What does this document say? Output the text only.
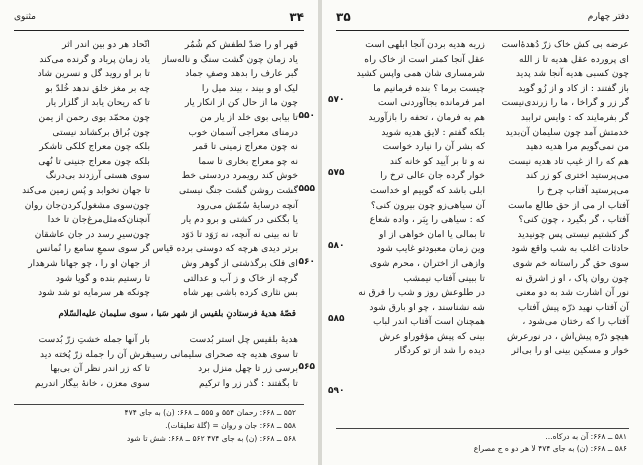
مثنوی	۳۴
قهر او را ضدّ لطفش کم شُمُر
یاد زمان چون گشت سنگ و ناله‌ساز
گبر عارف را بدهد وصفِ جماد
لیک او و بیند ، بیند میل را
چون ما از حال کن از انکار یار
تا بیابی بوی خلد از یار من
درمنای معراجی آسمان خوب
نه چون معراج زمینی تا قمر
نه چو معراج بخاری تا سما
خوش کند رویمرد دردستی خط
گشت روشن گشت جنگ نیستی
آنچه درسایهٔ سُمّش می‌رود
یا بگکنی در کشتی و برو دم یار
تا نه بینی نه آنچه، نه رَوَد تا دَوَد
برتر دیدی هرچه که دوستی برده قیاس
ای فلک برگذشتی از گوهر وش
گرچه از خاک و ز آب و عدالتی
بس نثاری کرده باشی بهر شاه
اتّحاد هر دو بین اندر اثر
یاد زمان پرباد و گرنده می‌کند
تا بر او روید گل و نسرین شاد
چه بر مغز خلق ندهد خُلدّ بو
تا که ریحان یابد از گلزار یار
چون محمّد بوی رحمن از یمن
چون بُراق برکشاند نیستی
بلکه چون معراج کلکی تاشکر
بلکه چون معراج جنینی تا نُهی
سوی هستی آرزدند بی‌درنگ
تا جهان نخوابد و پُس زمین می‌کند
چون‌سوی مشغول‌کردن‌جان روان
آنچنان‌که‌مثل‌مرغ‌جان تا خدا
چون‌سیرِ رسد در جان عاشقان
گر سوی سمعِ سامع را نُمانس
از جهان او را ، چو جهانا شرهدار
تا رستیم بنده و گویا شود
چونکه هر سرمایه تو شد شود
۵۵۰
۵۵۵
۵۶۰
قصّهٔ هدیهٔ فرستادنِ بلقیس از شهر سَبا ، سوی سلیمان علیه‌السّلام
هدیهٔ بلقیس چل استر بُدست
تا سوی هدیه چه صحرای سلیمانی رسید
برسی زر تا چهل منزل برد
تا بگفتند : گذر زر وا ترکیم
بار آنها جمله خشتِ زرّ بُدست
فرش آن را جمله زرّ پُخته دید
تا که زر اندر نظر آن بی‌بها
سوی معزن ، خانهٔ بیگار اندریم
۵۶۵
۵۵۲ ــ ۶۶۸: رحمان ۵۵۴ و ۵۵۵ ــ ۶۶۸: (ن) به جای ۴۷۴
۵۵۸ ــ ۶۶۸: جان و روان = (گلهٔ تعلیقات).
۵۶۸ ــ ۶۶۸: (ن) به جای ۴۷۴ ۵۶۲ ــ ۶۶۸: شش تا شود
دفتر چهارم
۳۵
عرضه بی کش خاک زرّ دُهدهٔ‌است
ای پرورده عقل هدیه تا ز الله
چون کسبی هدیه آنجا شد پدید
باز گفتند : از کاد و از زُو گوید
گر زر و گراخا ، ما را زرندی‌نیست
گر بفرمایند که : وایس تراببد
خدمتش آمد چون سلیمان آن‌بدید
من نمی‌گویم مرا هدیه دهید
هم که را از غیب تاد هدیه نیست
می‌پرستید اختری کو زر کند
می‌پرستید آفتاب چرخ را
آفتاب ار می از حق طالع ماست
آفتاب ، گر بگیرد ، چون کنی؟
گر کشتیم نیستی پس چونیدید
حادثات اغلب به شب واقع شود
سوی حق گر راستانه خم شوی
چون روان پاک ، او ز اشرق نه
نور آن اشارت شد به دو معنی
آن آفتاب نهید ذرّه پیش آفتاب
آفتاب را که رختان می‌شود ،
هیچو ذرّه پیش‌اش ، در نورعرش
خوار و مسکین بینی او را بی‌اثر
زربه هدیه بردن آنجا ابلهی است
عقل آنجا کمتر است از خاک راه
شرمساری شان همی واپس کشید
چیست برما ؟ بنده فرمانیم ما
امر فرمانده بجاآوردنی است
هم به فرمان ، تحفه را بازآورید
بلکه گفتم : لایق هدیه شوید
که بشر آن را نیارد خواست
نه و تا بر آیید کو خانه کند
خوار گرده جان عالی ترخ را
ابلی باشد که گوییم او خداست
آن سیاهی‌زو چون بیرون کنی؟
که : سیاهی را بِبَر ، واده شعاع
تا بمالی یا امان خواهی از او
وین زمان معبودتو غایب شود
وازهی از اختران ، محرم شوی
تا ببینی آفتاب نیمشب
در طلوعش روز و شب را فرق نه
شه نشناسند ، چو او بارق شود
همچنان است آفتاب اندر لباب
بینی که پیش مؤفوراو عرش
دیده را شد از تو کردگار
۵۷۰
۵۷۵
۵۸۰
۵۸۵
۵۹۰
۵۸۱ ــ ۶۶۸: آن به درکاه...
۵۸۶ ــ ۶۶۸: (ن) به جای ۴۷۴ لا هر دو ه ج مصراع
